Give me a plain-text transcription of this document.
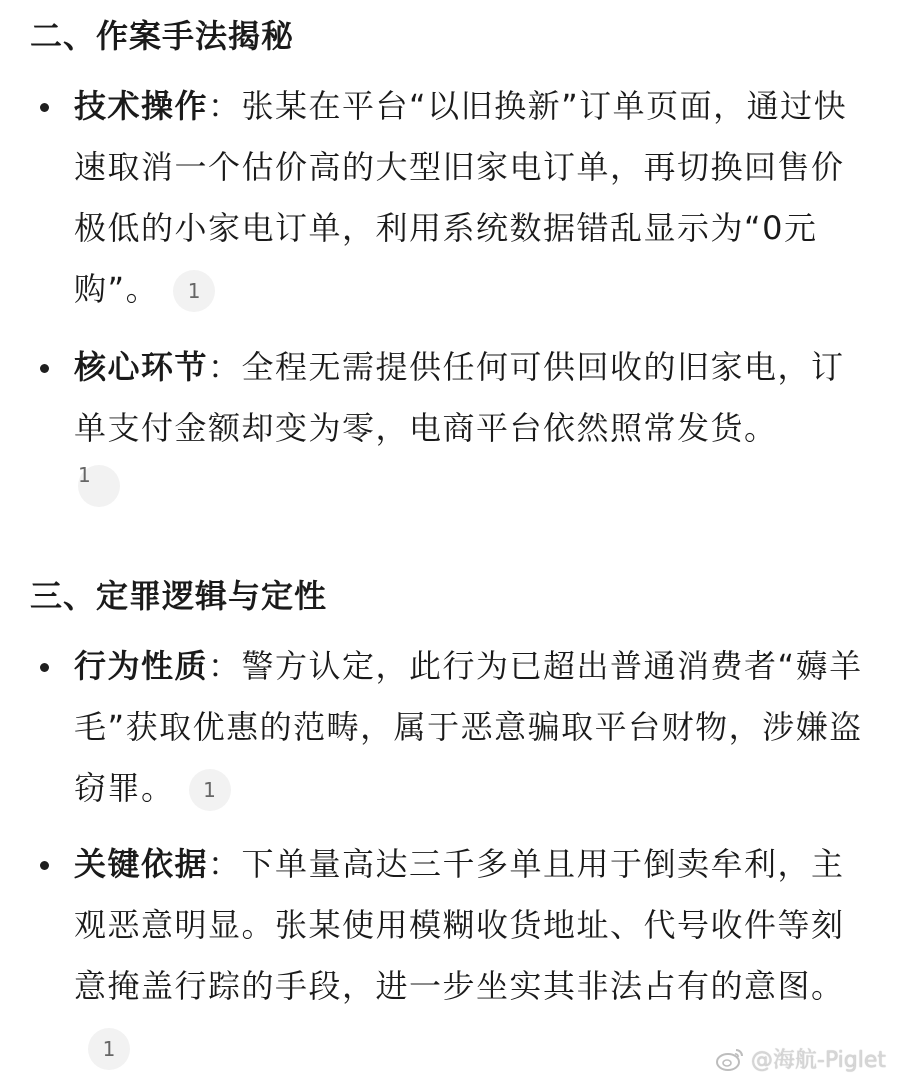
二、作案手法揭秘
技术操作：张某在平台“以旧换新”订单页面，通过快速取消一个估价高的大型旧家电订单，再切换回售价极低的小家电订单，利用系统数据错乱显示为“0元购”。 1
核心环节：全程无需提供任何可供回收的旧家电，订单支付金额却变为零，电商平台依然照常发货。
1
三、定罪逻辑与定性
行为性质：警方认定，此行为已超出普通消费者“薅羊毛”获取优惠的范畴，属于恶意骗取平台财物，涉嫌盗窃罪。 1
关键依据：下单量高达三千多单且用于倒卖牟利，主观恶意明显。张某使用模糊收货地址、代号收件等刻意掩盖行踪的手段，进一步坐实其非法占有的意图。1	@海航-Piglet
